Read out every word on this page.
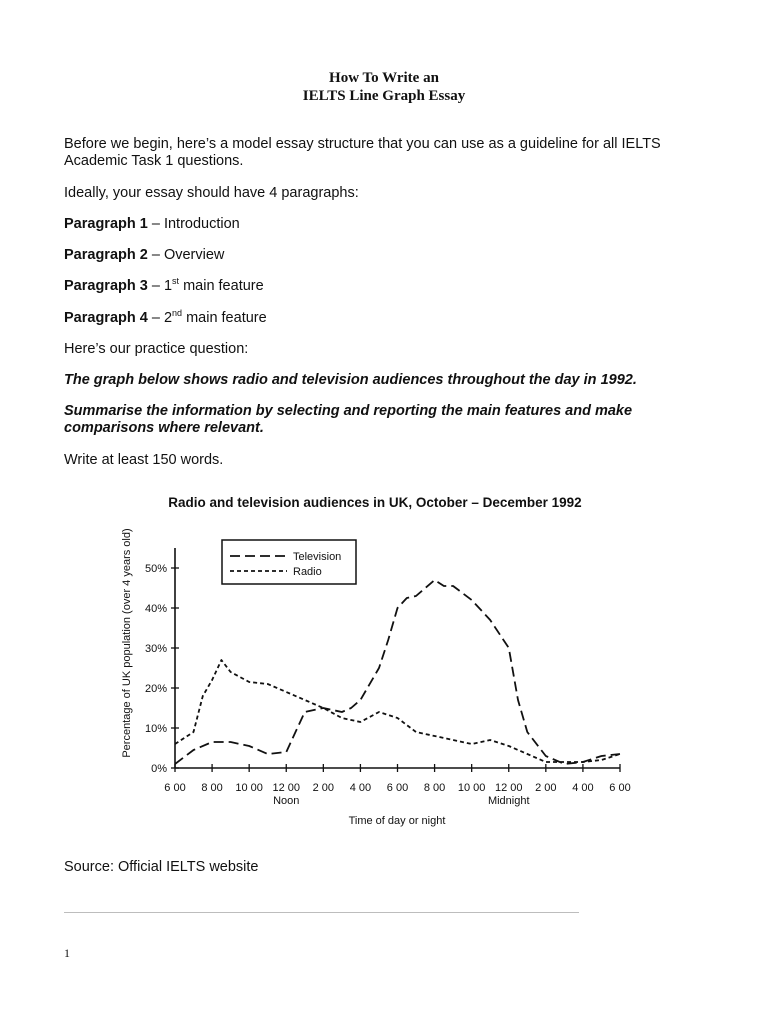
How To Write an
IELTS Line Graph Essay

Before we begin, here’s a model essay structure that you can use as a guideline for all IELTS Academic Task 1 questions.

Ideally, your essay should have 4 paragraphs:

Paragraph 1 – Introduction

Paragraph 2 – Overview

Paragraph 3 – 1st main feature

Paragraph 4 – 2nd main feature

Here’s our practice question:

The graph below shows radio and television audiences throughout the day in 1992.

Summarise the information by selecting and reporting the main features and make comparisons where relevant.

Write at least 150 words.

Radio and television audiences in UK, October – December 1992
Percentage of UK population (over 4 years old)
Time of day or night
0%
10%
20%
30%
40%
50%
6 00 8 00 10 00 12 00 2 00 4 00 6 00 8 00 10 00 12 00 2 00 4 00 6 00
Noon	Midnight
Television
Radio

Source: Official IELTS website

1
